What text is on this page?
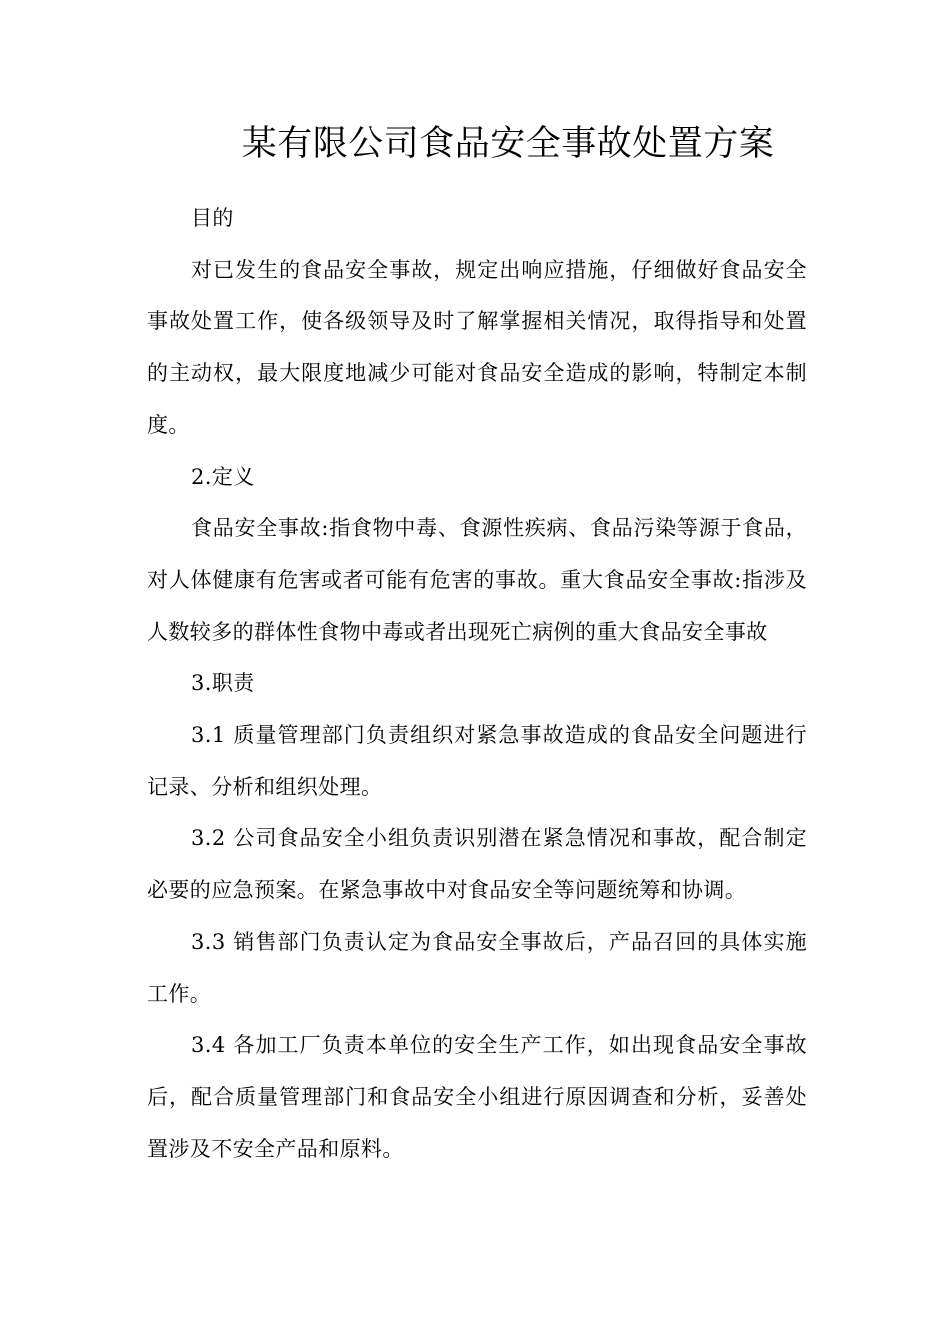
某有限公司食品安全事故处置方案

目的

对已发生的食品安全事故，规定出响应措施，仔细做好食品安全事故处置工作，使各级领导及时了解掌握相关情况，取得指导和处置的主动权，最大限度地减少可能对食品安全造成的影响，特制定本制度。

2.定义

食品安全事故:指食物中毒、食源性疾病、食品污染等源于食品，对人体健康有危害或者可能有危害的事故。重大食品安全事故:指涉及人数较多的群体性食物中毒或者出现死亡病例的重大食品安全事故

3.职责

3.1 质量管理部门负责组织对紧急事故造成的食品安全问题进行记录、分析和组织处理。

3.2 公司食品安全小组负责识别潜在紧急情况和事故，配合制定必要的应急预案。在紧急事故中对食品安全等问题统筹和协调。

3.3 销售部门负责认定为食品安全事故后，产品召回的具体实施工作。

3.4 各加工厂负责本单位的安全生产工作，如出现食品安全事故后，配合质量管理部门和食品安全小组进行原因调查和分析，妥善处置涉及不安全产品和原料。
